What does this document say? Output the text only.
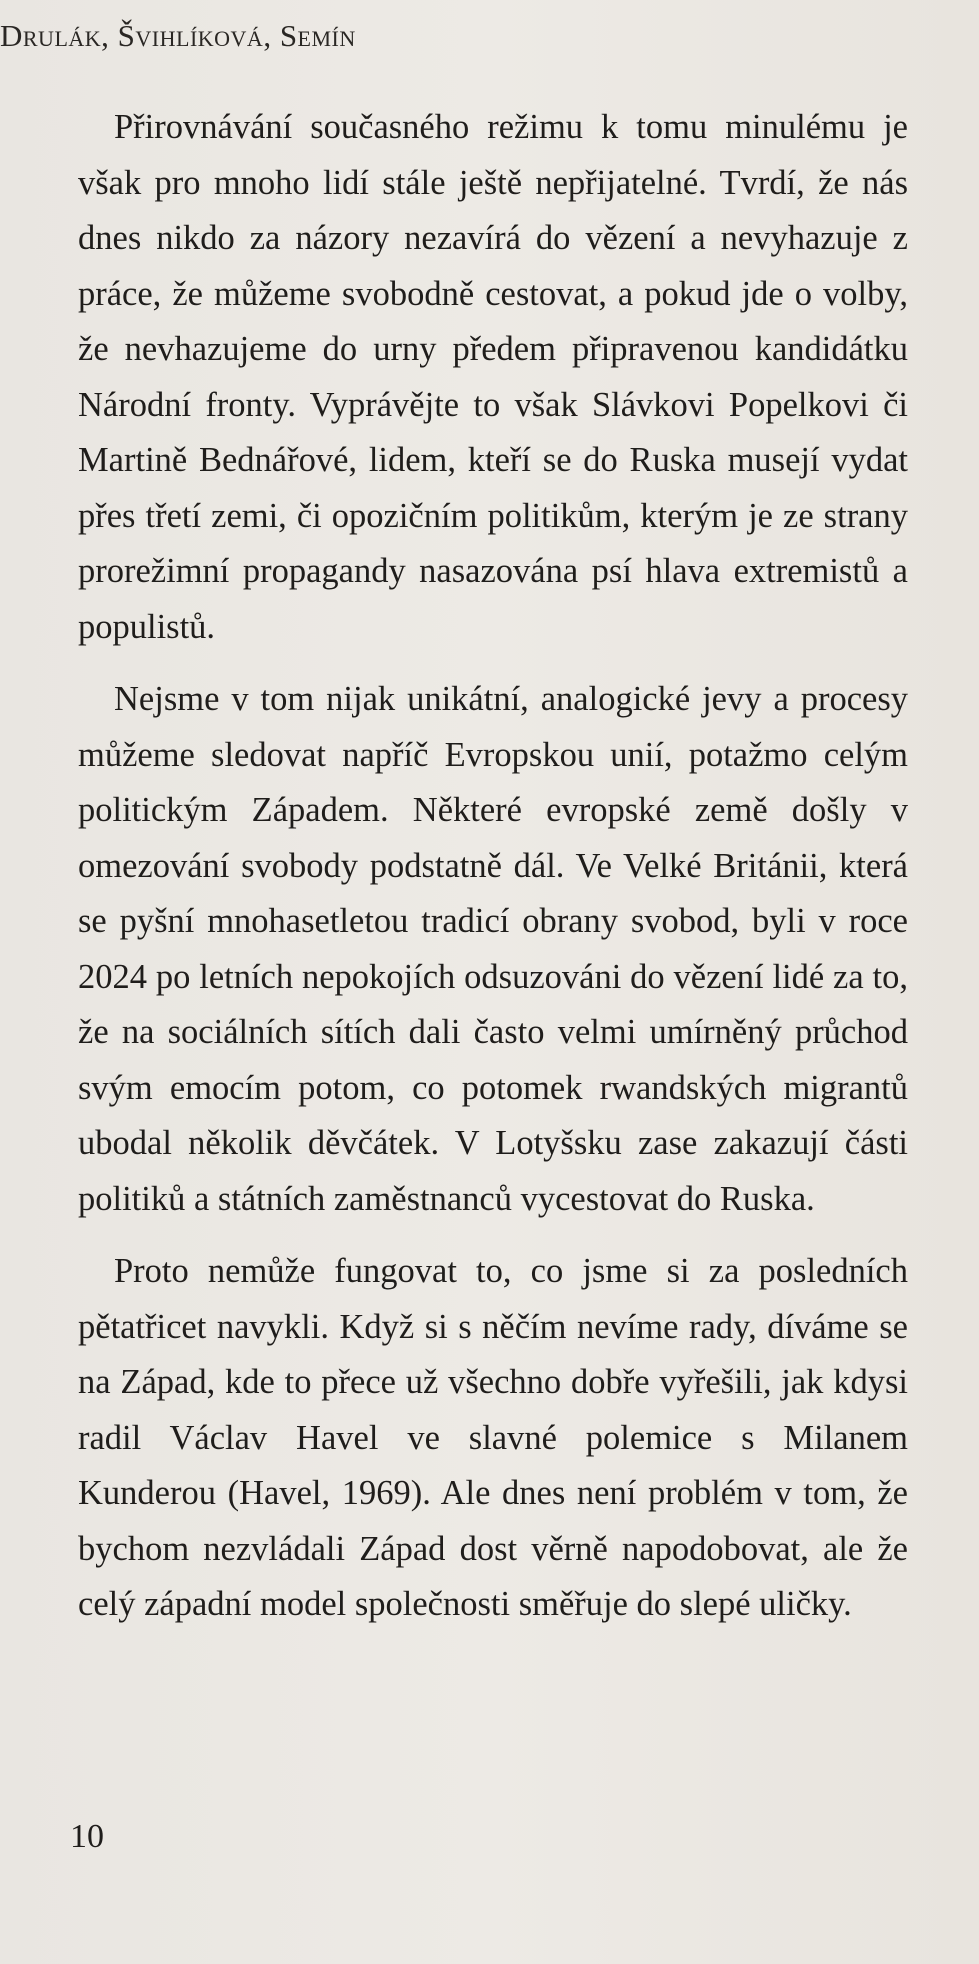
Drulák, Švihlíková, Semín

Přirovnávání současného režimu k tomu minulému je však pro mnoho lidí stále ještě nepřijatelné. Tvrdí, že nás dnes nikdo za názory nezavírá do vězení a nevyhazuje z práce, že můžeme svobodně cestovat, a pokud jde o volby, že nevhazujeme do urny předem připravenou kandidátku Národní fronty. Vyprávějte to však Slávkovi Popelkovi či Martině Bednářové, lidem, kteří se do Ruska musejí vydat přes třetí zemi, či opozičním politikům, kterým je ze strany prorežimní propagandy nasazována psí hlava extremistů a populistů.

Nejsme v tom nijak unikátní, analogické jevy a procesy můžeme sledovat napříč Evropskou unií, potažmo celým politickým Západem. Některé evropské země došly v omezování svobody podstatně dál. Ve Velké Británii, která se pyšní mnohasetletou tradicí obrany svobod, byli v roce 2024 po letních nepokojích odsuzováni do vězení lidé za to, že na sociálních sítích dali často velmi umírněný průchod svým emocím potom, co potomek rwandských migrantů ubodal několik děvčátek. V Lotyšsku zase zakazují části politiků a státních zaměstnanců vycestovat do Ruska.

Proto nemůže fungovat to, co jsme si za posledních pětatřicet navykli. Když si s něčím nevíme rady, díváme se na Západ, kde to přece už všechno dobře vyřešili, jak kdysi radil Václav Havel ve slavné polemice s Milanem Kunderou (Havel, 1969). Ale dnes není problém v tom, že bychom nezvládali Západ dost věrně napodobovat, ale že celý západní model společnosti směřuje do slepé uličky.

10
